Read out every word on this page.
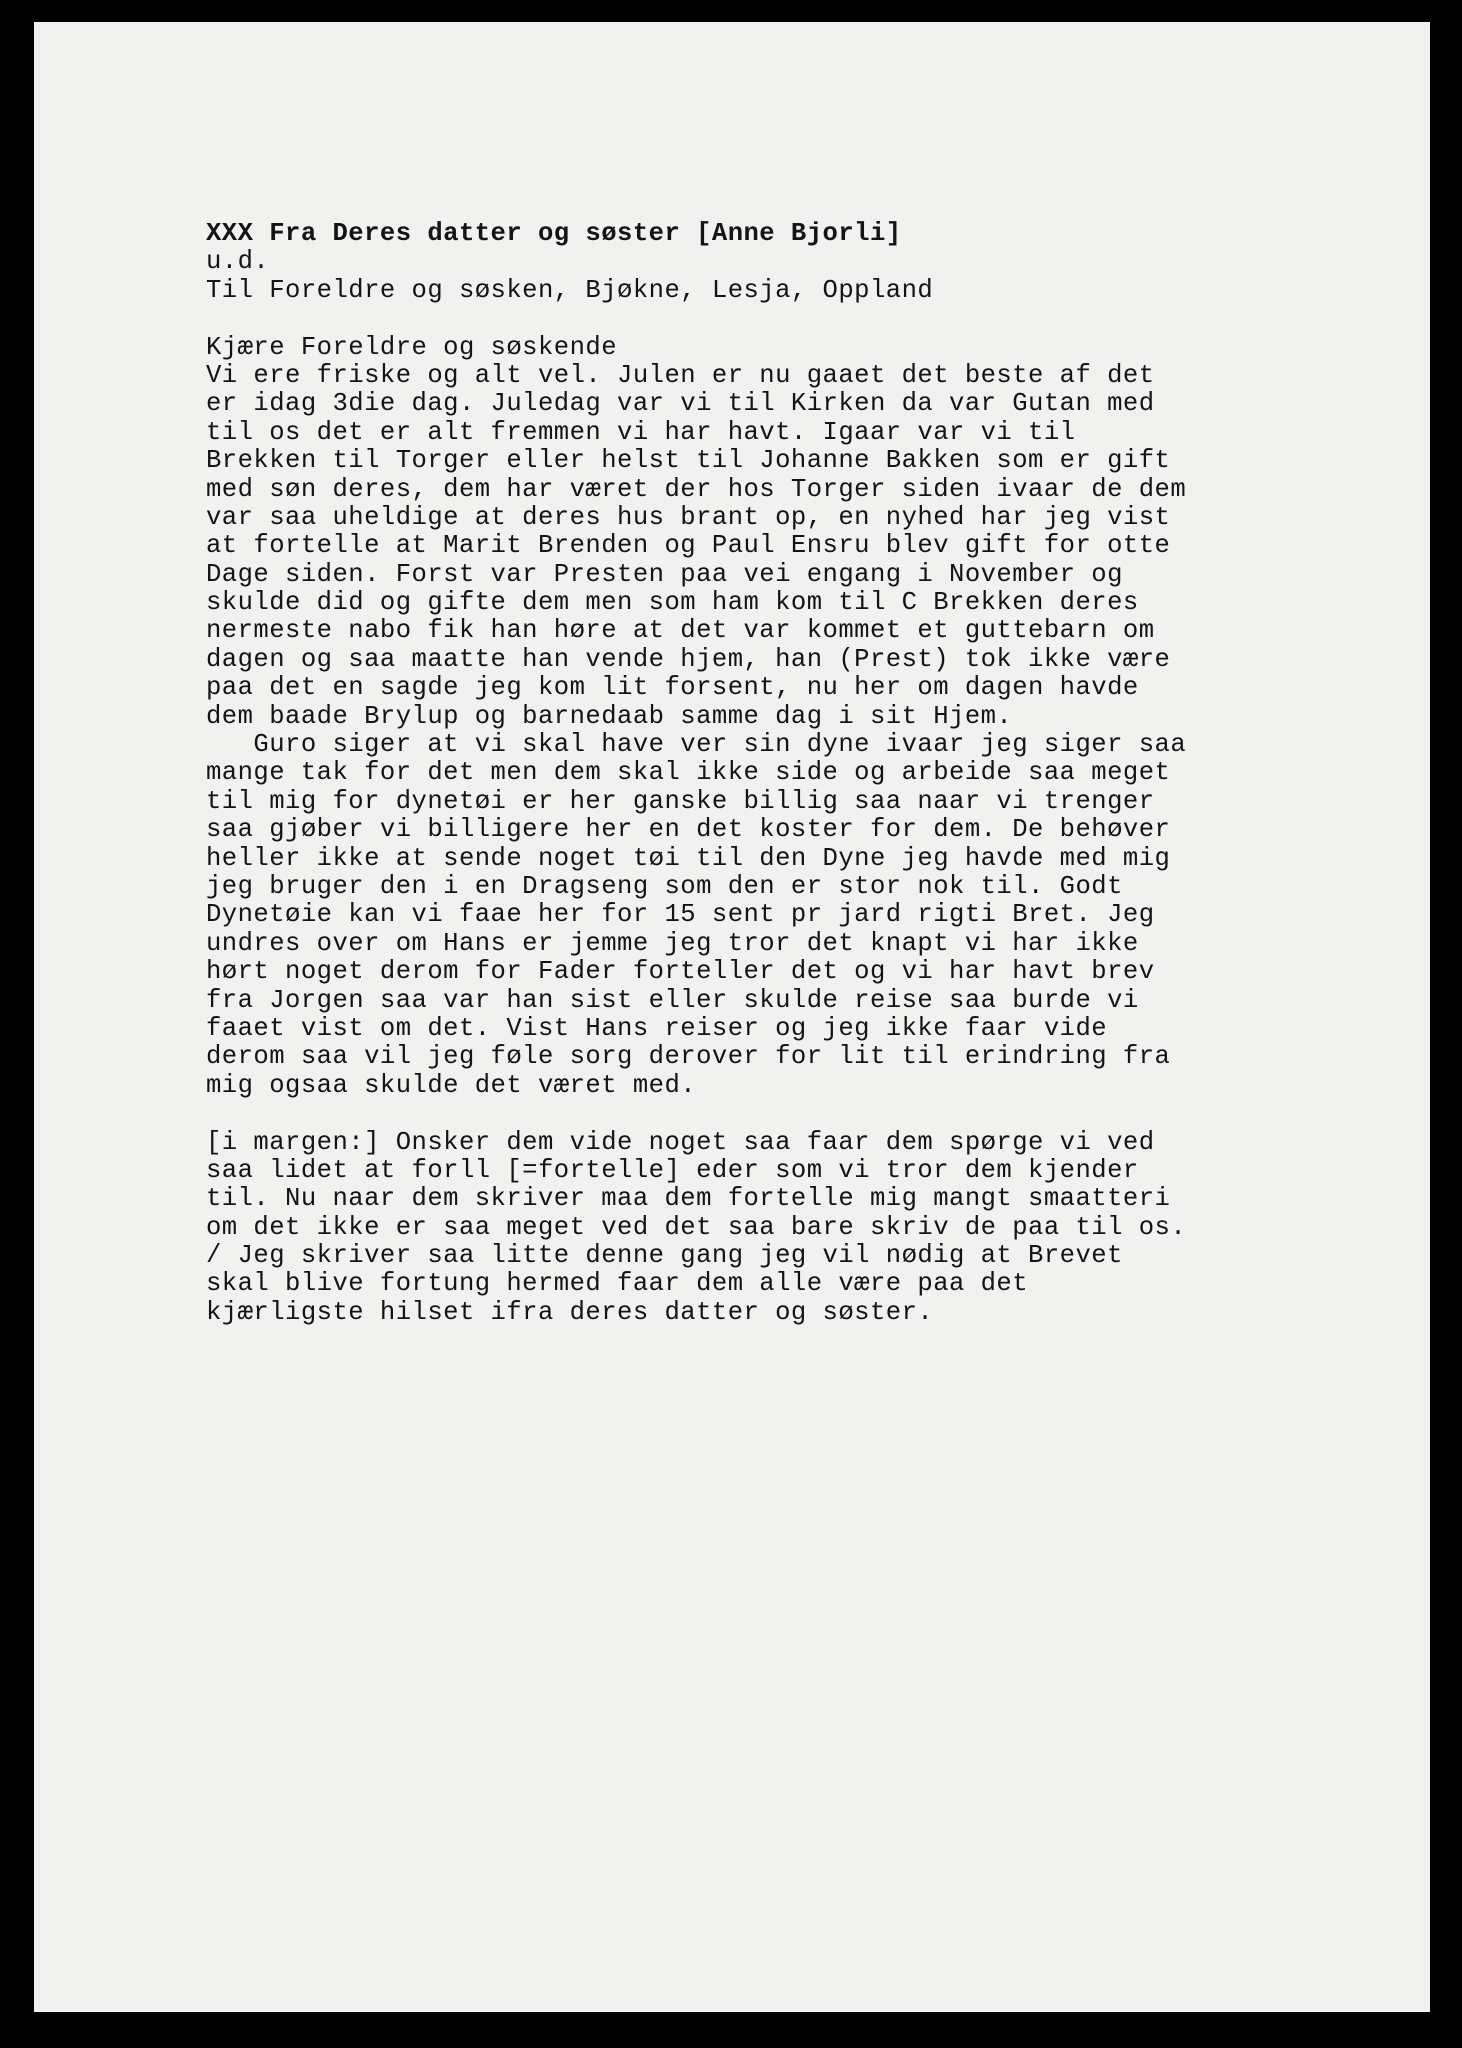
XXX Fra Deres datter og søster [Anne Bjorli]
u.d.
Til Foreldre og søsken, Bjøkne, Lesja, Oppland
Kjære Foreldre og søskende
Vi ere friske og alt vel. Julen er nu gaaet det beste af det
er idag 3die dag. Juledag var vi til Kirken da var Gutan med
til os det er alt fremmen vi har havt. Igaar var vi til
Brekken til Torger eller helst til Johanne Bakken som er gift
med søn deres, dem har været der hos Torger siden ivaar de dem
var saa uheldige at deres hus brant op, en nyhed har jeg vist
at fortelle at Marit Brenden og Paul Ensru blev gift for otte
Dage siden. Forst var Presten paa vei engang i November og
skulde did og gifte dem men som ham kom til C Brekken deres
nermeste nabo fik han høre at det var kommet et guttebarn om
dagen og saa maatte han vende hjem, han (Prest) tok ikke være
paa det en sagde jeg kom lit forsent, nu her om dagen havde
dem baade Brylup og barnedaab samme dag i sit Hjem.
Guro siger at vi skal have ver sin dyne ivaar jeg siger saa
mange tak for det men dem skal ikke side og arbeide saa meget
til mig for dynetøi er her ganske billig saa naar vi trenger
saa gjøber vi billigere her en det koster for dem. De behøver
heller ikke at sende noget tøi til den Dyne jeg havde med mig
jeg bruger den i en Dragseng som den er stor nok til. Godt
Dynetøie kan vi faae her for 15 sent pr jard rigti Bret. Jeg
undres over om Hans er jemme jeg tror det knapt vi har ikke
hørt noget derom for Fader forteller det og vi har havt brev
fra Jorgen saa var han sist eller skulde reise saa burde vi
faaet vist om det. Vist Hans reiser og jeg ikke faar vide
derom saa vil jeg føle sorg derover for lit til erindring fra
mig ogsaa skulde det været med.
[i margen:] Onsker dem vide noget saa faar dem spørge vi ved
saa lidet at forll [=fortelle] eder som vi tror dem kjender
til. Nu naar dem skriver maa dem fortelle mig mangt smaatteri
om det ikke er saa meget ved det saa bare skriv de paa til os.
/ Jeg skriver saa litte denne gang jeg vil nødig at Brevet
skal blive fortung hermed faar dem alle være paa det
kjærligste hilset ifra deres datter og søster.
